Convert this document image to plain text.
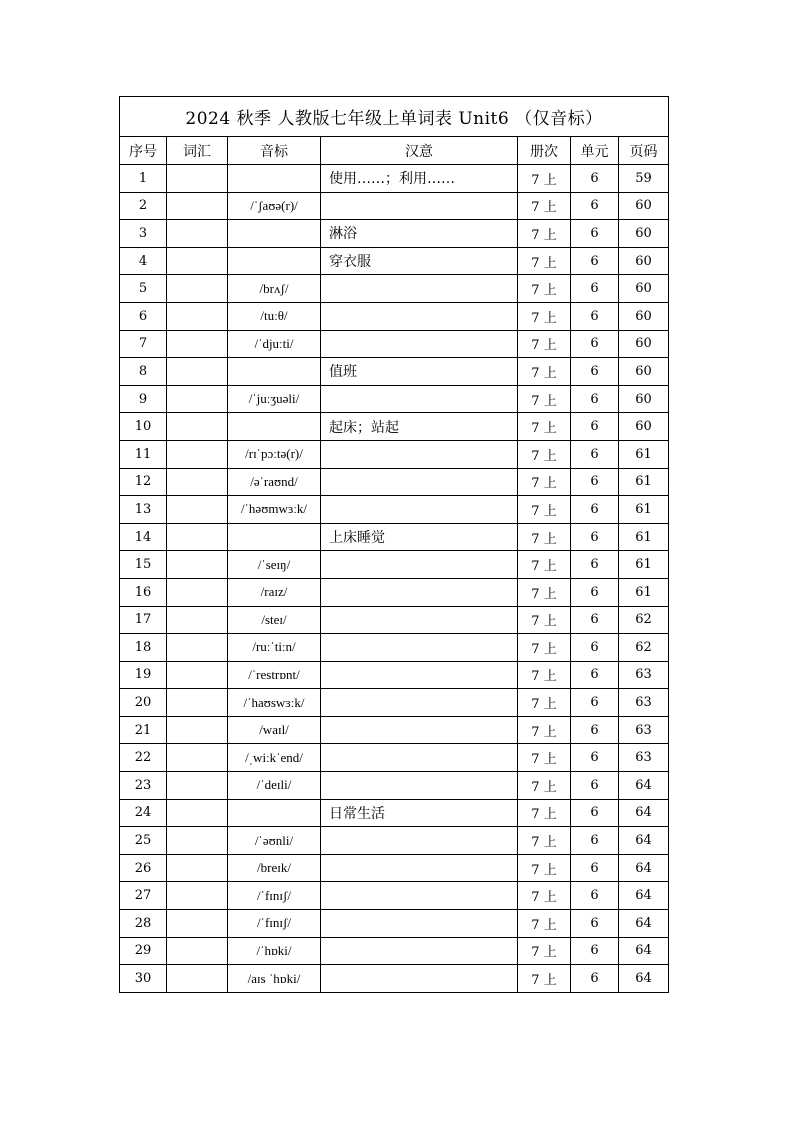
2024 秋季 人教版七年级上单词表 Unit6 （仅音标）						
序号	词汇	音标	汉意	册次	单元	页码
1			使用……；利用……	7 上	6	59
2		/ˈʃaʊə(r)/		7 上	6	60
3			淋浴	7 上	6	60
4			穿衣服	7 上	6	60
5		/brʌʃ/		7 上	6	60
6		/tuːθ/		7 上	6	60
7		/ˈdjuːti/		7 上	6	60
8			值班	7 上	6	60
9		/ˈjuːʒuəli/		7 上	6	60
10			起床；站起	7 上	6	60
11		/rɪˈpɔːtə(r)/		7 上	6	61
12		/əˈraʊnd/		7 上	6	61
13		/ˈhəʊmwɜːk/		7 上	6	61
14			上床睡觉	7 上	6	61
15		/ˈseɪŋ/		7 上	6	61
16		/raɪz/		7 上	6	61
17		/steɪ/		7 上	6	62
18		/ruːˈtiːn/		7 上	6	62
19		/ˈrestrɒnt/		7 上	6	63
20		/ˈhaʊswɜːk/		7 上	6	63
21		/waɪl/		7 上	6	63
22		/ˌwiːkˈend/		7 上	6	63
23		/ˈdeɪli/		7 上	6	64
24			日常生活	7 上	6	64
25		/ˈəʊnli/		7 上	6	64
26		/breɪk/		7 上	6	64
27		/ˈfɪnɪʃ/		7 上	6	64
28		/ˈfɪnɪʃ/		7 上	6	64
29		/ˈhɒki/		7 上	6	64
30		/aɪs ˈhɒki/		7 上	6	64
